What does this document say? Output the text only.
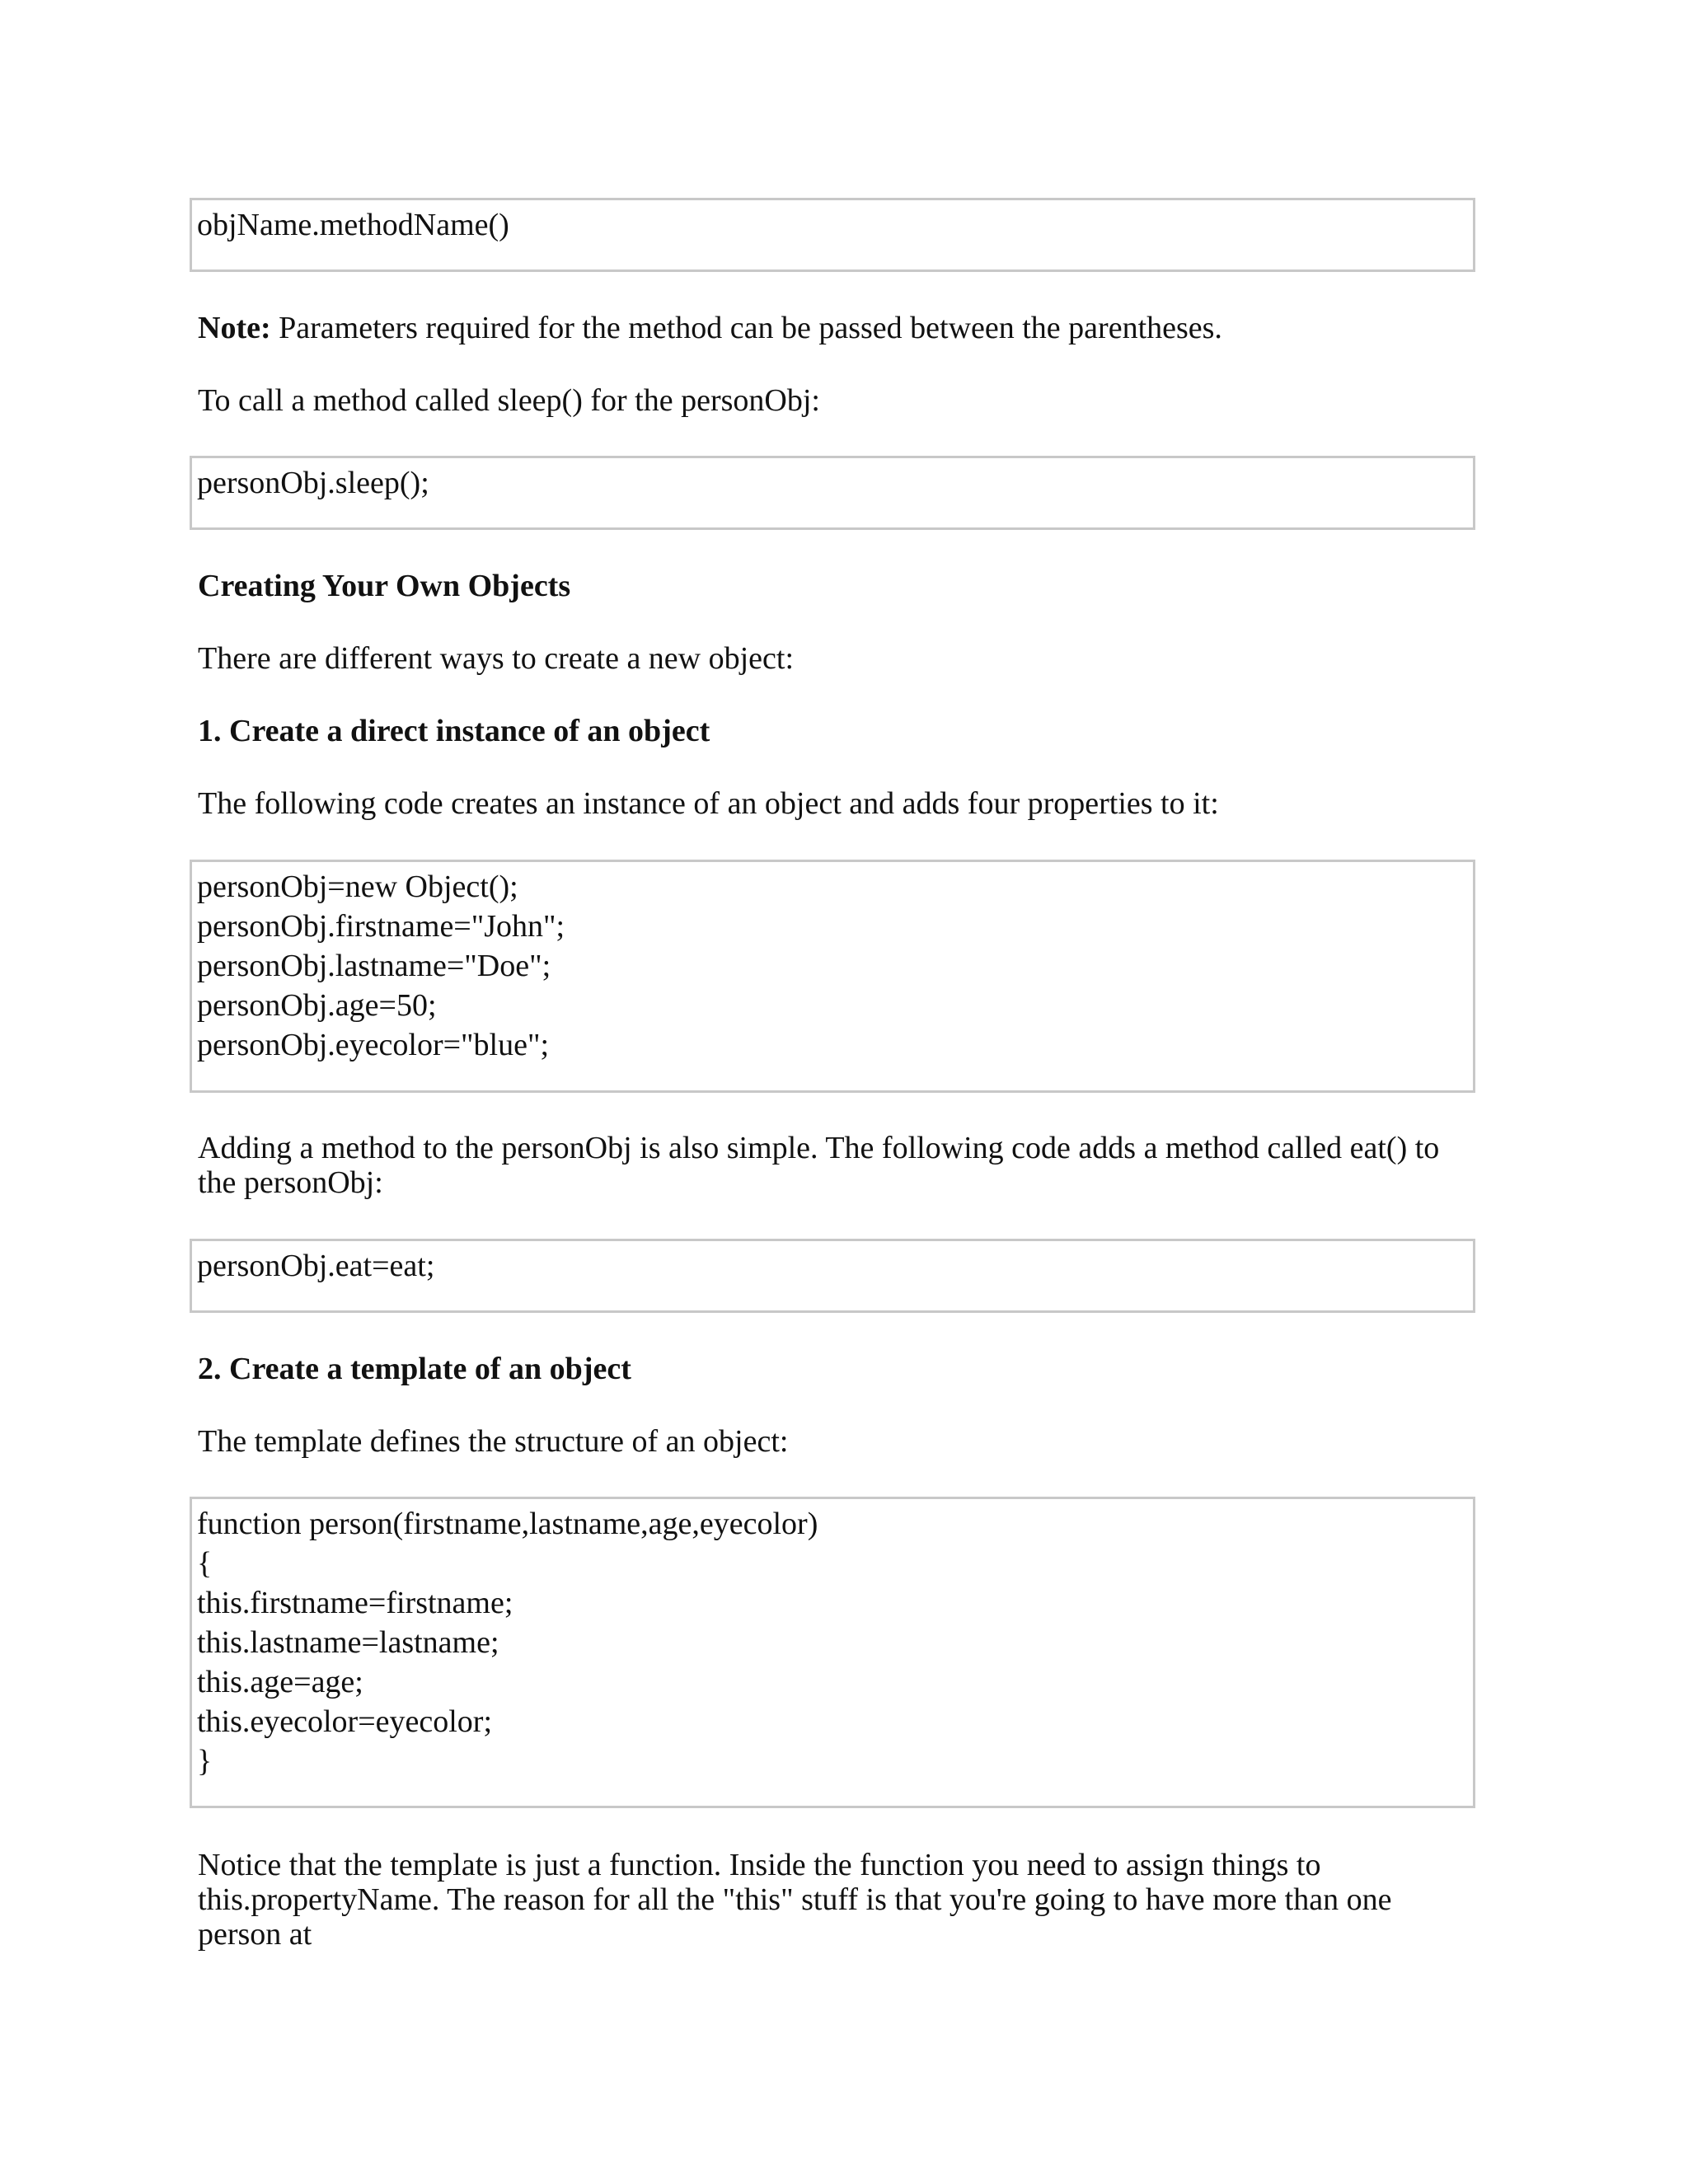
objName.methodName()

Note: Parameters required for the method can be passed between the parentheses.

To call a method called sleep() for the personObj:

personObj.sleep();
Creating Your Own Objects

There are different ways to create a new object:

1. Create a direct instance of an object

The following code creates an instance of an object and adds four properties to it:

personObj=new Object();
personObj.firstname="John";
personObj.lastname="Doe";
personObj.age=50;
personObj.eyecolor="blue";

Adding a method to the personObj is also simple. The following code adds a method called eat() to the personObj:

personObj.eat=eat;
2. Create a template of an object

The template defines the structure of an object:

function person(firstname,lastname,age,eyecolor)
{
this.firstname=firstname;
this.lastname=lastname;
this.age=age;
this.eyecolor=eyecolor;
}

Notice that the template is just a function. Inside the function you need to assign things to this.propertyName. The reason for all the "this" stuff is that you're going to have more than one person at
